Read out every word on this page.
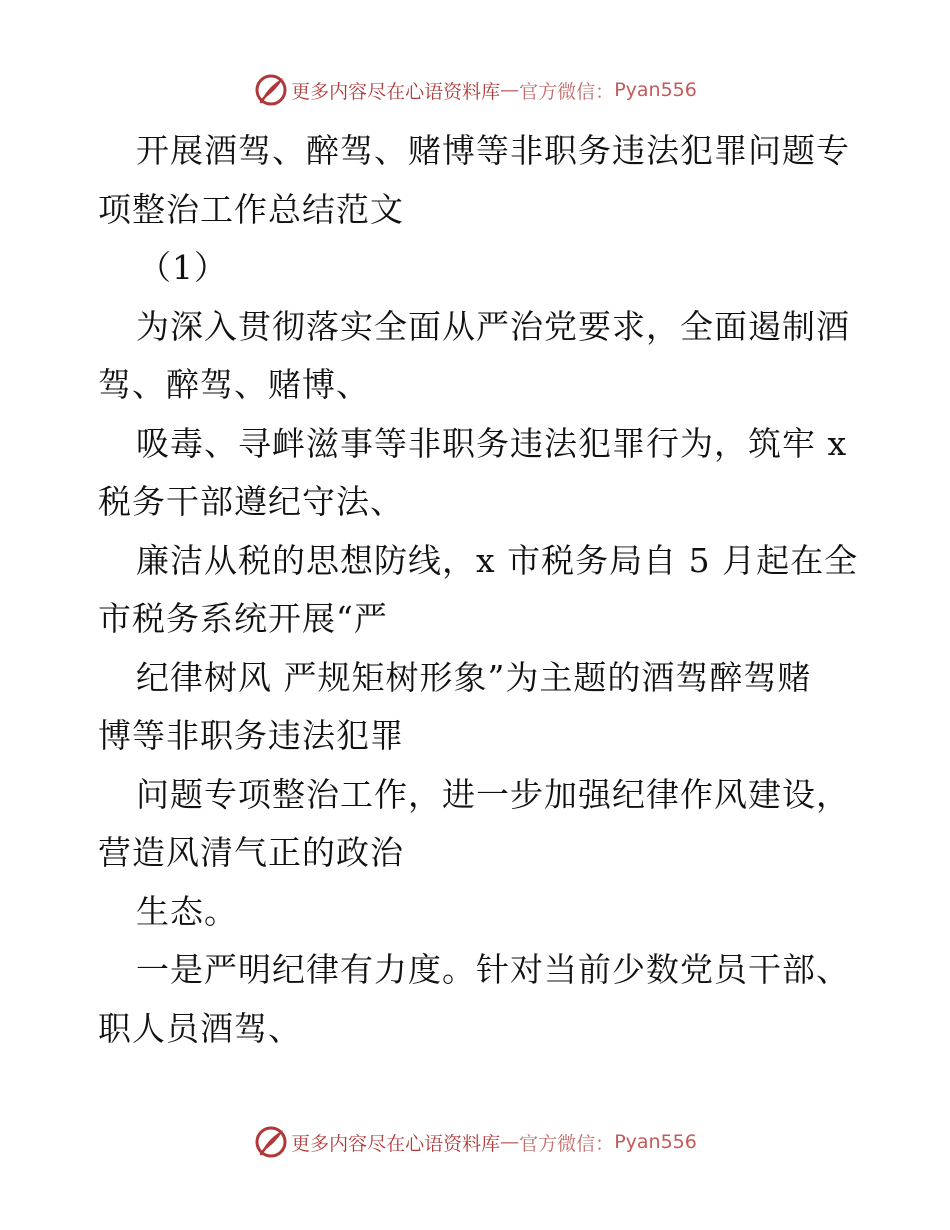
更多内容尽在心语资料库 — 官方微信： Pyan556
开展酒驾、醉驾、赌博等非职务违法犯罪问题专
项整治工作总结范文
（1）
为深入贯彻落实全面从严治党要求，全面遏制酒
驾、醉驾、赌博、
吸毒、寻衅滋事等非职务违法犯罪行为，筑牢 x
税务干部遵纪守法、
廉洁从税的思想防线，x 市税务局自 5 月起在全
市税务系统开展“严
纪律树风 严规矩树形象”为主题的酒驾醉驾赌
博等非职务违法犯罪
问题专项整治工作，进一步加强纪律作风建设，
营造风清气正的政治
生态。
一是严明纪律有力度。针对当前少数党员干部、
职人员酒驾、
更多内容尽在心语资料库 — 官方微信： Pyan556
